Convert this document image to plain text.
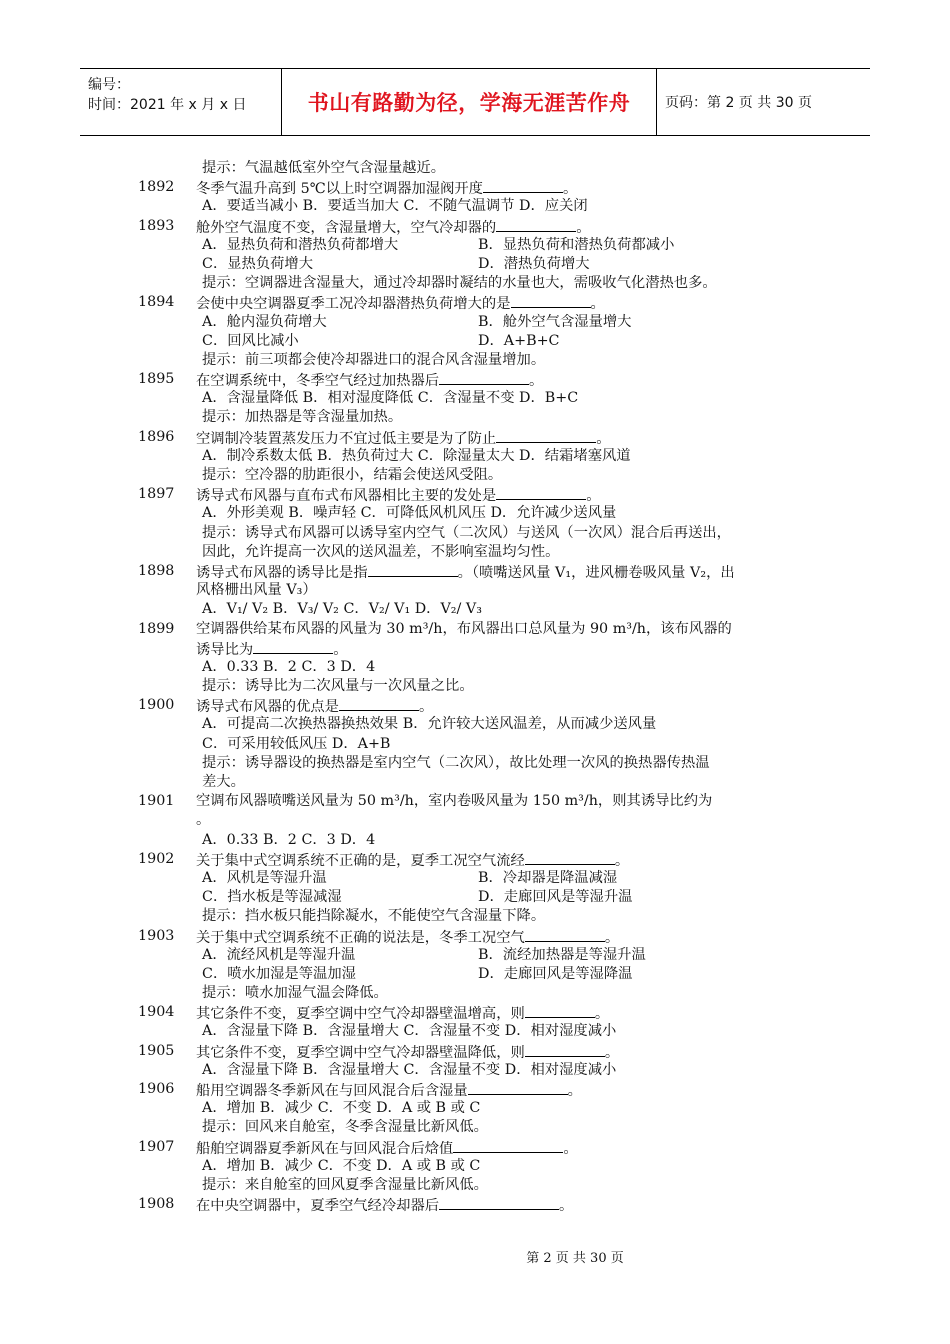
编号：
时间：2021 年 x 月 x 日	书山有路勤为径，学海无涯苦作舟 页码：第 2 页 共 30 页
提示：气温越低室外空气含湿量越近。
1892	冬季气温升高到 5℃以上时空调器加湿阀开度	。
A．要适当减小 B．要适当加大 C．不随气温调节 D．应关闭
1893	舱外空气温度不变，含湿量增大，空气冷却器的	。
A．显热负荷和潜热负荷都增大	B．显热负荷和潜热负荷都减小
C．显热负荷增大	D．潜热负荷增大
提示：空调器进含湿量大，通过冷却器时凝结的水量也大，需吸收气化潜热也多。
1894	会使中央空调器夏季工况冷却器潜热负荷增大的是	。
A．舱内湿负荷增大	B．舱外空气含湿量增大
C．回风比减小	D．A+B+C
提示：前三项都会使冷却器进口的混合风含湿量增加。
1895	在空调系统中，冬季空气经过加热器后	。
A．含湿量降低 B．相对湿度降低 C．含湿量不变 D．B+C
提示：加热器是等含湿量加热。
1896	空调制冷装置蒸发压力不宜过低主要是为了防止	。
A．制冷系数太低 B．热负荷过大 C．除湿量太大 D．结霜堵塞风道
提示：空冷器的肋距很小，结霜会使送风受阻。
1897	诱导式布风器与直布式布风器相比主要的发处是	。
A．外形美观 B．噪声轻 C．可降低风机风压 D．允许减少送风量
提示：诱导式布风器可以诱导室内空气（二次风）与送风（一次风）混合后再送出，
因此，允许提高一次风的送风温差，不影响室温均匀性。
1898	诱导式布风器的诱导比是指	。（喷嘴送风量 V₁，进风栅卷吸风量 V₂，出
风格栅出风量 V₃）
A．V₁/ V₂ B．V₃/ V₂ C．V₂/ V₁ D．V₂/ V₃
1899	空调器供给某布风器的风量为 30 m³/h，布风器出口总风量为 90 m³/h，该布风器的
诱导比为	。
A．0.33 B．2 C．3 D．4
提示：诱导比为二次风量与一次风量之比。
1900	诱导式布风器的优点是	。
A．可提高二次换热器换热效果 B．允许较大送风温差，从而减少送风量
C．可采用较低风压 D．A+B
提示：诱导器设的换热器是室内空气（二次风），故比处理一次风的换热器传热温
差大。
1901	空调布风器喷嘴送风量为 50 m³/h，室内卷吸风量为 150 m³/h，则其诱导比约为
。
A．0.33 B．2 C．3 D．4
1902	关于集中式空调系统不正确的是，夏季工况空气流经	。
A．风机是等湿升温	B．冷却器是降温减湿
C．挡水板是等湿减湿	D．走廊回风是等湿升温
提示：挡水板只能挡除凝水，不能使空气含湿量下降。
1903	关于集中式空调系统不正确的说法是，冬季工况空气	。
A．流经风机是等湿升温	B．流经加热器是等湿升温
C．喷水加湿是等温加湿	D．走廊回风是等湿降温
提示：喷水加湿气温会降低。
1904	其它条件不变，夏季空调中空气冷却器壁温增高，则	。
A．含湿量下降 B．含湿量增大 C．含湿量不变 D．相对湿度减小
1905	其它条件不变，夏季空调中空气冷却器壁温降低，则	。
A．含湿量下降 B．含湿量增大 C．含湿量不变 D．相对湿度减小
1906	船用空调器冬季新风在与回风混合后含湿量	。
A．增加 B．减少 C．不变 D．A 或 B 或 C
提示：回风来自舱室，冬季含湿量比新风低。
1907	船舶空调器夏季新风在与回风混合后焓值	。
A．增加 B．减少 C．不变 D．A 或 B 或 C
提示：来自舱室的回风夏季含湿量比新风低。
1908	在中央空调器中，夏季空气经冷却器后	。
第 2 页 共 30 页
